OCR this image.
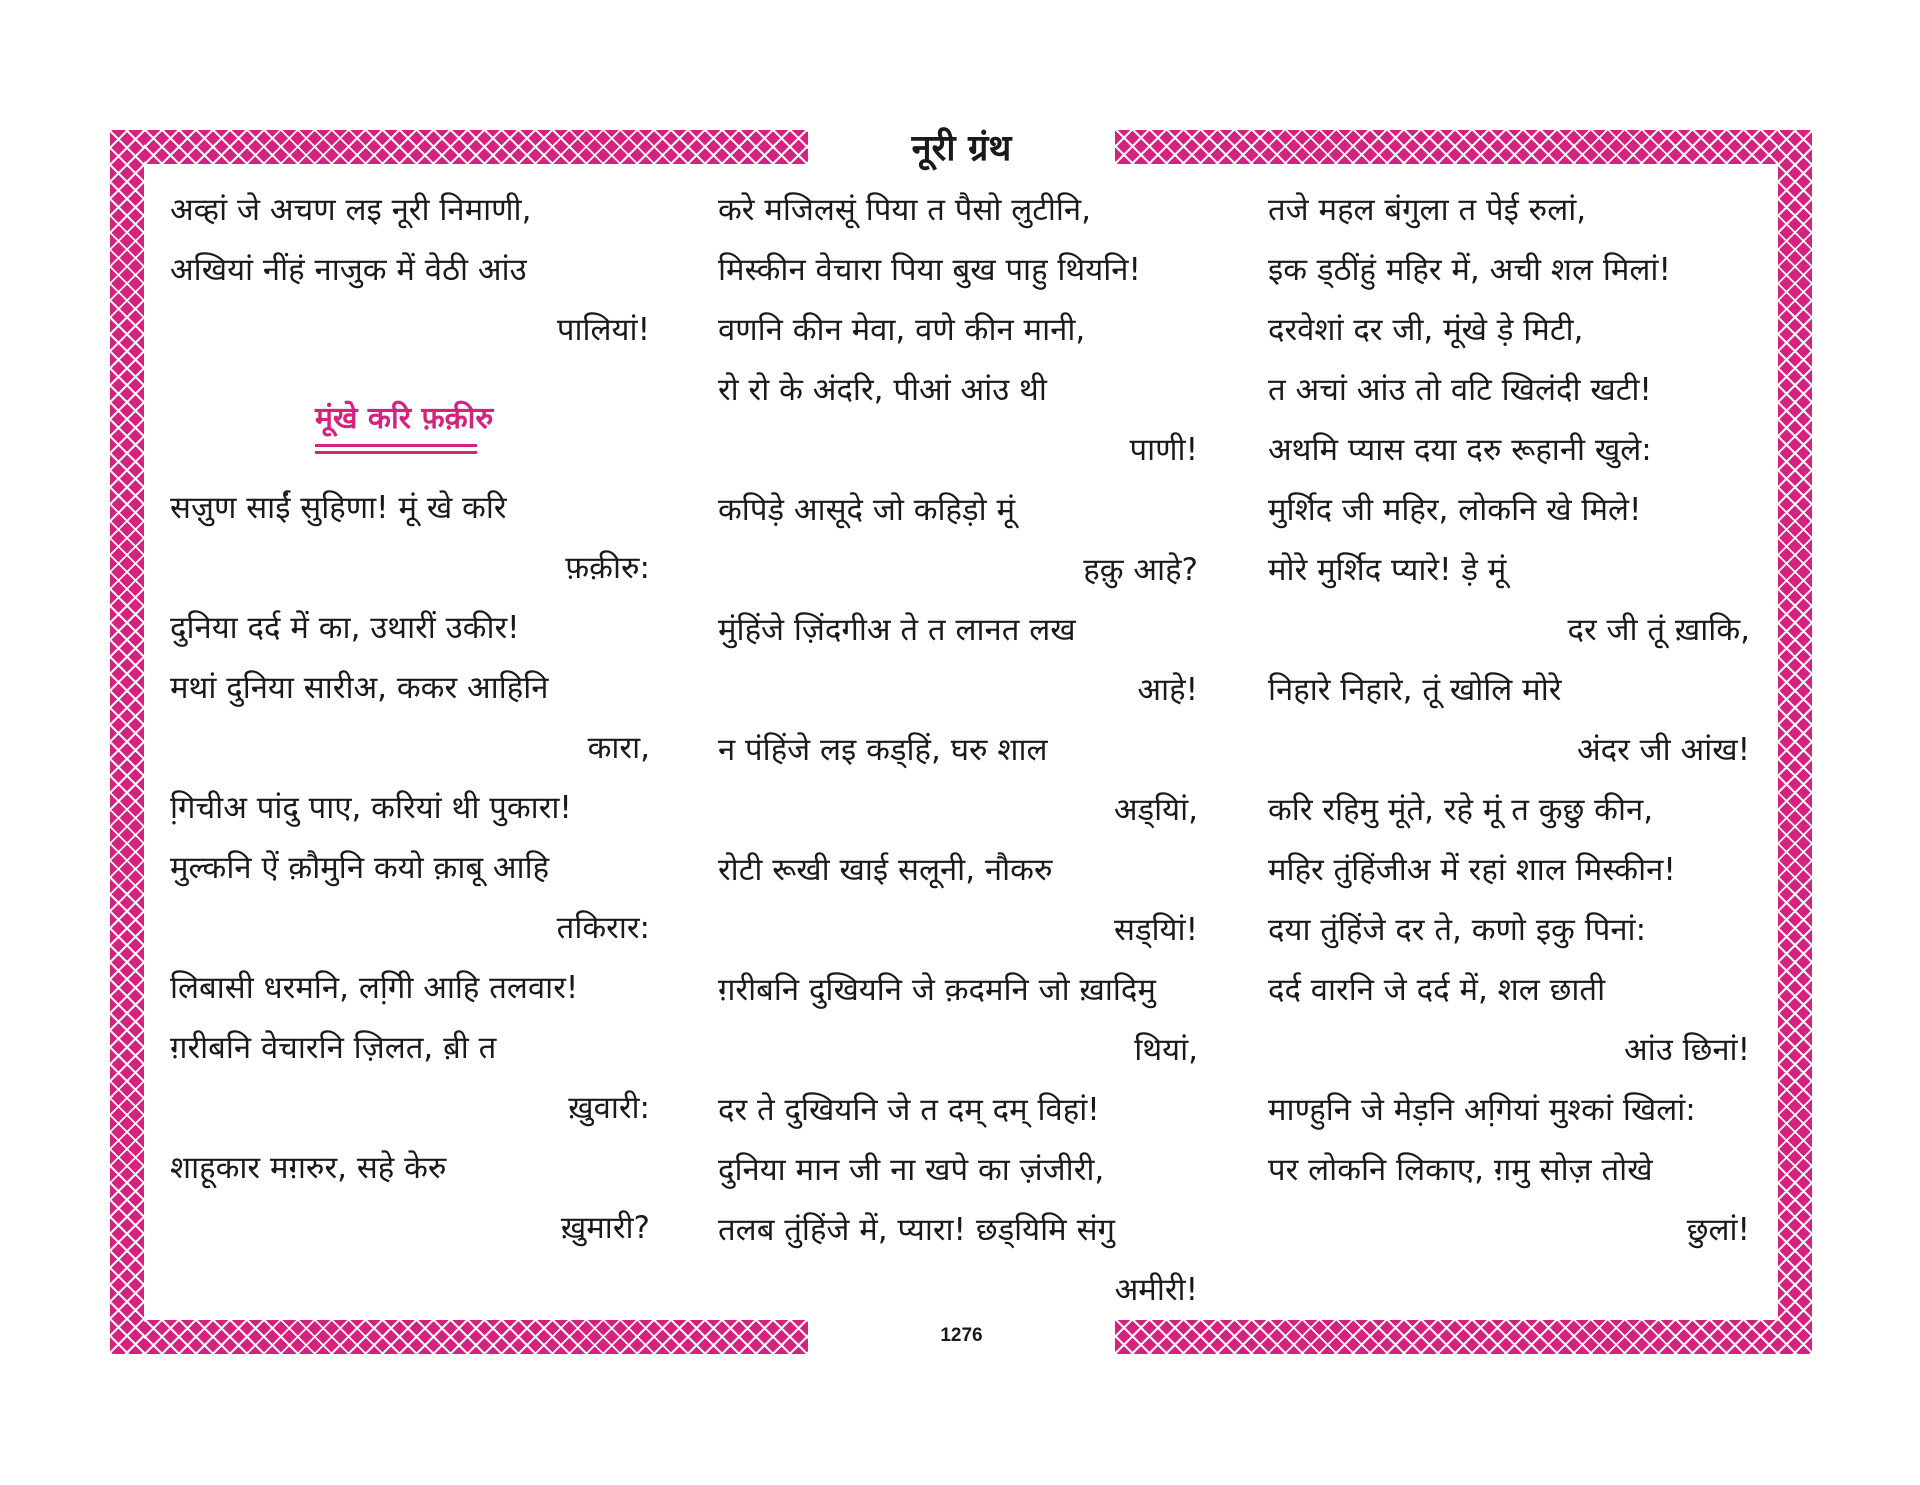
नूरी ग्रंथ
1276
अव्हां जे अचण लइ नूरी निमाणी,
अखियां नींहं नाजुक में वेठी आंउ
पालियां!
मूंखे करि फ़क़ीरु
सजु़ण साईं सुहिणा! मूं खे करि
फ़क़ीरु:
दुनिया दर्द में का, उथारीं उकीर!
मथां दुनिया सारीअ, ककर आहिनि
कारा,
गि़चीअ पांदु पाए, करियां थी पुकारा!
मुल्कनि ऐं क़ौमुनि कयो क़ाबू आहि
तकिरार:
लिबासी धरमनि, लगि़ी आहि तलवार!
ग़रीबनि वेचारनि ज़िलत, ब़ी त
ख़ुवारी:
शाहूकार मग़रुर, सहे केरु
ख़ुमारी?
करे मजिलसूं पिया त पैसो लुटीनि,
मिस्कीन वेचारा पिया बुख पाहु थियनि!
वणनि कीन मेवा, वणे कीन मानी,
रो रो के अंदरि, पीआं आंउ थी
पाणी!
कपिड़े आसूदे जो कहिड़ो मूं
हक़ु आहे?
मुंहिंजे ज़िंदगीअ ते त लानत लख
आहे!
न पंहिंजे लइ कड्‌हिं, घरु शाल
अड्‌यिां,
रोटी रूखी खाई सलूनी, नौकरु
सड्‌यिां!
ग़रीबनि दुखियनि जे क़दमनि जो ख़ादिमु
थियां,
दर ते दुखियनि जे त दम् दम् विहां!
दुनिया मान जी ना खपे का ज़ंजीरी,
तलब तुंहिंजे में, प्यारा! छड्‌यिमि संगु
अमीरी!
तजे महल बंगुला त पेई रुलां,
इक ड्ठींहुं महिर में, अची शल मिलां!
दरवेशां दर जी, मूंखे ड़े मिटी,
त अचां आंउ तो वटि खिलंदी खटी!
अथमि प्यास दया दरु रूहानी खुले:
मुर्शिद जी महिर, लोकनि खे मिले!
मोरे मुर्शिद प्यारे! ड़े मूं
दर जी तूं ख़ाकि,
निहारे निहारे, तूं खोलि मोरे
अंदर जी आंख!
करि रहिमु मूंते, रहे मूं त कुछु कीन,
महिर तुंहिंजीअ में रहां शाल मिस्कीन!
दया तुंहिंजे दर ते, कणो इकु पिनां:
दर्द वारनि जे दर्द में, शल छाती
आंउ छिनां!
माण्हुनि जे मेड़नि अगि़यां मुश्कां खिलां:
पर लोकनि लिकाए, ग़मु सोज़ तोखे
छुलां!
